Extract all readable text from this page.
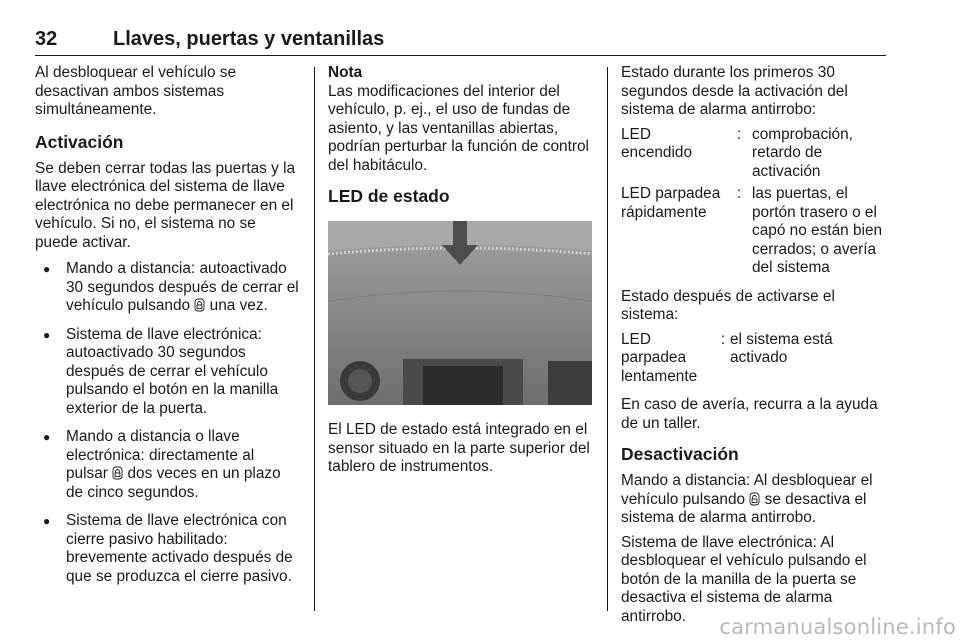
32	Llaves, puertas y ventanillas

Al desbloquear el vehículo se desactivan ambos sistemas simultáneamente.

Activación

Se deben cerrar todas las puertas y la llave electrónica del sistema de llave electrónica no debe permanecer en el vehículo. Si no, el sistema no se puede activar.

● Mando a distancia: autoactivado 30 segundos después de cerrar el vehículo pulsando  una vez.
● Sistema de llave electrónica: autoactivado 30 segundos después de cerrar el vehículo pulsando el botón en la manilla exterior de la puerta.
● Mando a distancia o llave electrónica: directamente al pulsar  dos veces en un plazo de cinco segundos.
● Sistema de llave electrónica con cierre pasivo habilitado: brevemente activado después de que se produzca el cierre pasivo.
Nota

Las modificaciones del interior del vehículo, p. ej., el uso de fundas de asiento, y las ventanillas abiertas, podrían perturbar la función de control del habitáculo.

LED de estado

El LED de estado está integrado en el sensor situado en la parte superior del tablero de instrumentos.

Estado durante los primeros 30 segundos desde la activación del sistema de alarma antirrobo:

LED encendido
: comprobación, retardo de activación
LED parpadea rápidamente
: las puertas, el portón trasero o el capó no están bien cerrados; o avería del sistema

Estado después de activarse el sistema:

LED parpadea lentamente
: el sistema está activado

En caso de avería, recurra a la ayuda de un taller.

Desactivación

Mando a distancia: Al desbloquear el vehículo pulsando  se desactiva el sistema de alarma antirrobo.

Sistema de llave electrónica: Al desbloquear el vehículo pulsando el botón de la manilla de la puerta se desactiva el sistema de alarma antirrobo.	carmanualsonline.info
